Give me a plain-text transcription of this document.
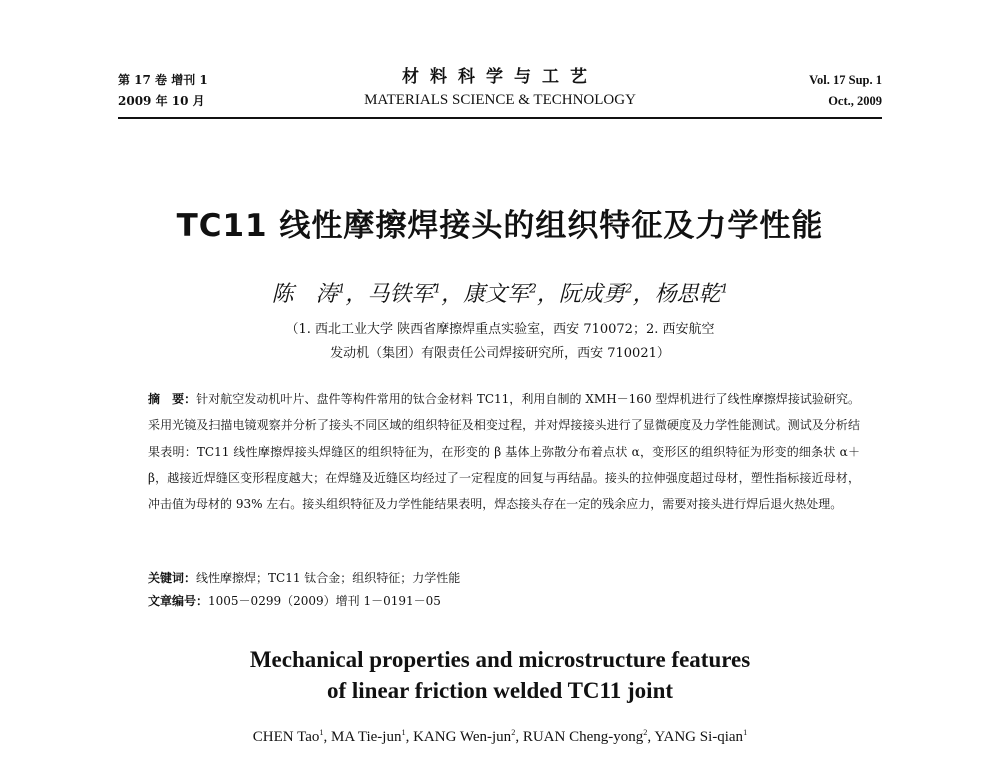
第 17 卷 增刊 1
2009 年 10 月
材料科学与工艺
MATERIALS SCIENCE & TECHNOLOGY
Vol. 17 Sup. 1
Oct., 2009
TC11 线性摩擦焊接头的组织特征及力学性能
陈　涛$^1$，马铁军$^1$，康文军$^2$，阮成勇$^2$，杨思乾$^1$
（1. 西北工业大学 陕西省摩擦焊重点实验室，西安 710072；2. 西安航空
发动机（集团）有限责任公司焊接研究所，西安 710021）
摘　要：针对航空发动机叶片、盘件等构件常用的钛合金材料 TC11，利用自制的 XMH－160 型焊机进行了线性摩擦焊接试验研究。采用光镜及扫描电镜观察并分析了接头不同区域的组织特征及相变过程，并对焊接接头进行了显微硬度及力学性能测试。测试及分析结果表明：TC11 线性摩擦焊接头焊缝区的组织特征为，在形变的 β 基体上弥散分布着点状 α，变形区的组织特征为形变的细条状 α＋β，越接近焊缝区变形程度越大；在焊缝及近缝区均经过了一定程度的回复与再结晶。接头的拉伸强度超过母材，塑性指标接近母材，冲击值为母材的 93% 左右。接头组织特征及力学性能结果表明，焊态接头存在一定的残余应力，需要对接头进行焊后退火热处理。
关键词：线性摩擦焊；TC11 钛合金；组织特征；力学性能
文章编号：1005－0299（2009）增刊 1－0191－05
Mechanical properties and microstructure features
of linear friction welded TC11 joint
CHEN Tao$^1$, MA Tie-jun$^1$, KANG Wen-jun$^2$, RUAN Cheng-yong$^2$, YANG Si-qian$^1$
